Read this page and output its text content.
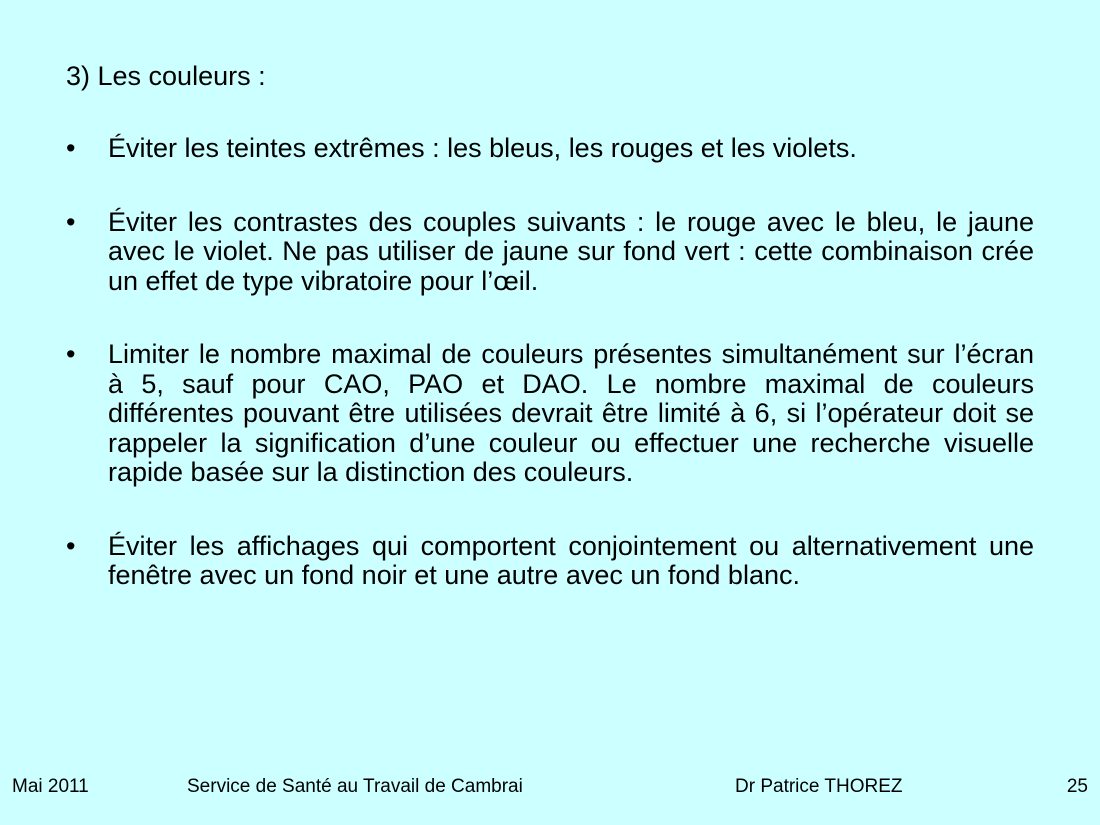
3) Les couleurs :
•	Éviter les teintes extrêmes : les bleus, les rouges et les violets.
•	Éviter les contrastes des couples suivants : le rouge avec le bleu, le jaune avec le violet. Ne pas utiliser de jaune sur fond vert : cette combinaison crée un effet de type vibratoire pour l’œil.
•	Limiter le nombre maximal de couleurs présentes simultanément sur l’écran à 5, sauf pour CAO, PAO et DAO. Le nombre maximal de couleurs différentes pouvant être utilisées devrait être limité à 6, si l’opérateur doit se rappeler la signification d’une couleur ou effectuer une recherche visuelle rapide basée sur la distinction des couleurs.
•	Éviter les affichages qui comportent conjointement ou alternativement une fenêtre avec un fond noir et une autre avec un fond blanc.
Mai 2011	Service de Santé au Travail de Cambrai	Dr Patrice THOREZ	25
